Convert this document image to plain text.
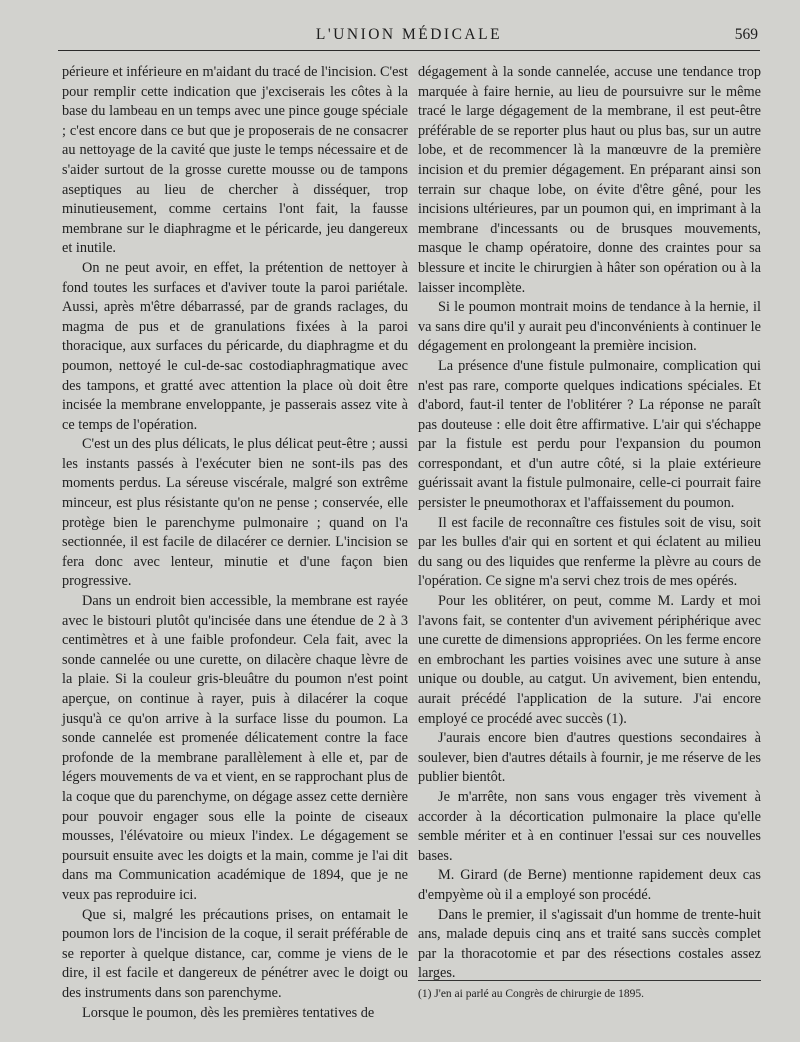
L'UNION MÉDICALE	569

périeure et inférieure en m'aidant du tracé de l'incision. C'est pour remplir cette indication que j'exciserais les côtes à la base du lambeau en un temps avec une pince gouge spéciale ; c'est encore dans ce but que je proposerais de ne consacrer au nettoyage de la cavité que juste le temps nécessaire et de s'aider surtout de la grosse curette mousse ou de tampons aseptiques au lieu de chercher à disséquer, trop minutieusement, comme certains l'ont fait, la fausse membrane sur le diaphragme et le péricarde, jeu dangereux et inutile.

On ne peut avoir, en effet, la prétention de nettoyer à fond toutes les surfaces et d'aviver toute la paroi pariétale. Aussi, après m'être débarrassé, par de grands raclages, du magma de pus et de granulations fixées à la paroi thoracique, aux surfaces du péricarde, du diaphragme et du poumon, nettoyé le cul-de-sac costodiaphragmatique avec des tampons, et gratté avec attention la place où doit être incisée la membrane enveloppante, je passerais assez vite à ce temps de l'opération.

C'est un des plus délicats, le plus délicat peut-être ; aussi les instants passés à l'exécuter bien ne sont-ils pas des moments perdus. La séreuse viscérale, malgré son extrême minceur, est plus résistante qu'on ne pense ; conservée, elle protège bien le parenchyme pulmonaire ; quand on l'a sectionnée, il est facile de dilacérer ce dernier. L'incision se fera donc avec lenteur, minutie et d'une façon bien progressive.

Dans un endroit bien accessible, la membrane est rayée avec le bistouri plutôt qu'incisée dans une étendue de 2 à 3 centimètres et à une faible profondeur. Cela fait, avec la sonde cannelée ou une curette, on dilacère chaque lèvre de la plaie. Si la couleur gris-bleuâtre du poumon n'est point aperçue, on continue à rayer, puis à dilacérer la coque jusqu'à ce qu'on arrive à la surface lisse du poumon. La sonde cannelée est promenée délicatement contre la face profonde de la membrane parallèlement à elle et, par de légers mouvements de va et vient, en se rapprochant plus de la coque que du parenchyme, on dégage assez cette dernière pour pouvoir engager sous elle la pointe de ciseaux mousses, l'élévatoire ou mieux l'index. Le dégagement se poursuit ensuite avec les doigts et la main, comme je l'ai dit dans ma Communication académique de 1894, que je ne veux pas reproduire ici.

Que si, malgré les précautions prises, on entamait le poumon lors de l'incision de la coque, il serait préférable de se reporter à quelque distance, car, comme je viens de le dire, il est facile et dangereux de pénétrer avec le doigt ou des instruments dans son parenchyme.

Lorsque le poumon, dès les premières tentatives de

dégagement à la sonde cannelée, accuse une tendance trop marquée à faire hernie, au lieu de poursuivre sur le même tracé le large dégagement de la membrane, il est peut-être préférable de se reporter plus haut ou plus bas, sur un autre lobe, et de recommencer là la manœuvre de la première incision et du premier dégagement. En préparant ainsi son terrain sur chaque lobe, on évite d'être gêné, pour les incisions ultérieures, par un poumon qui, en imprimant à la membrane d'incessants ou de brusques mouvements, masque le champ opératoire, donne des craintes pour sa blessure et incite le chirurgien à hâter son opération ou à la laisser incomplète.

Si le poumon montrait moins de tendance à la hernie, il va sans dire qu'il y aurait peu d'inconvénients à continuer le dégagement en prolongeant la première incision.

La présence d'une fistule pulmonaire, complication qui n'est pas rare, comporte quelques indications spéciales. Et d'abord, faut-il tenter de l'oblitérer ? La réponse ne paraît pas douteuse : elle doit être affirmative. L'air qui s'échappe par la fistule est perdu pour l'expansion du poumon correspondant, et d'un autre côté, si la plaie extérieure guérissait avant la fistule pulmonaire, celle-ci pourrait faire persister le pneumothorax et l'affaissement du poumon.

Il est facile de reconnaître ces fistules soit de visu, soit par les bulles d'air qui en sortent et qui éclatent au milieu du sang ou des liquides que renferme la plèvre au cours de l'opération. Ce signe m'a servi chez trois de mes opérés.

Pour les oblitérer, on peut, comme M. Lardy et moi l'avons fait, se contenter d'un avivement périphérique avec une curette de dimensions appropriées. On les ferme encore en embrochant les parties voisines avec une suture à anse unique ou double, au catgut. Un avivement, bien entendu, aurait précédé l'application de la suture. J'ai encore employé ce procédé avec succès (1).

J'aurais encore bien d'autres questions secondaires à soulever, bien d'autres détails à fournir, je me réserve de les publier bientôt.

Je m'arrête, non sans vous engager très vivement à accorder à la décortication pulmonaire la place qu'elle semble mériter et à en continuer l'essai sur ces nouvelles bases.

M. Girard (de Berne) mentionne rapidement deux cas d'empyème où il a employé son procédé.

Dans le premier, il s'agissait d'un homme de trente-huit ans, malade depuis cinq ans et traité sans succès complet par la thoracotomie et par des résections costales assez larges.

(1) J'en ai parlé au Congrès de chirurgie de 1895.
